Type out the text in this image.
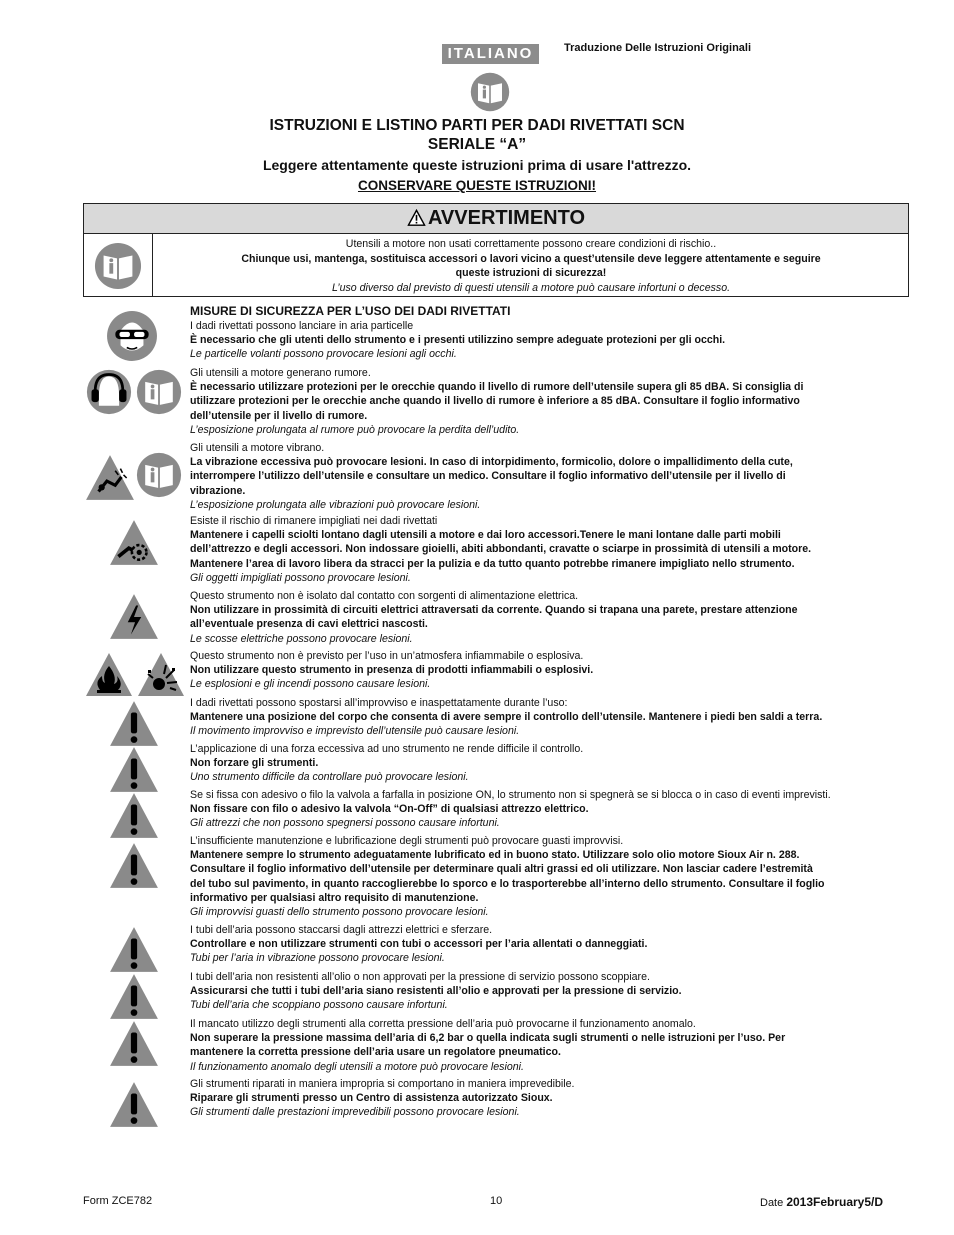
ITALIANO	Traduzione Delle Istruzioni Originali
ISTRUZIONI E LISTINO PARTI PER DADI RIVETTATI SCN
SERIALE “A”
Leggere attentamente queste istruzioni prima di usare l'attrezzo.
CONSERVARE QUESTE ISTRUZIONI!
AVVERTIMENTO
Utensili a motore non usati correttamente possono creare condizioni di rischio..
Chiunque usi, mantenga, sostituisca accessori o lavori vicino a quest’utensile deve leggere attentamente e seguire
queste istruzioni di sicurezza!
L’uso diverso dal previsto di questi utensili a motore può causare infortuni o decesso.
MISURE DI SICUREZZA PER L’USO DEI DADI RIVETTATI
I dadi rivettati possono lanciare in aria particelle
È necessario che gli utenti dello strumento e i presenti utilizzino sempre adeguate protezioni per gli occhi.
Le particelle volanti possono provocare lesioni agli occhi.
Gli utensili a motore generano rumore.
È necessario utilizzare protezioni per le orecchie quando il livello di rumore dell’utensile supera gli 85 dBA. Si consiglia di
utilizzare protezioni per le orecchie anche quando il livello di rumore è inferiore a 85 dBA. Consultare il foglio informativo
dell’utensile per il livello di rumore.
L’esposizione prolungata al rumore può provocare la perdita dell’udito.
Gli utensili a motore vibrano.
La vibrazione eccessiva può provocare lesioni. In caso di intorpidimento, formicolio, dolore o impallidimento della cute,
interrompere l’utilizzo dell’utensile e consultare un medico. Consultare il foglio informativo dell’utensile per il livello di
vibrazione.
L’esposizione prolungata alle vibrazioni può provocare lesioni.
Esiste il rischio di rimanere impigliati nei dadi rivettati
Mantenere i capelli sciolti lontano dagli utensili a motore e dai loro accessori.Tenere le mani lontane dalle parti mobili
dell’attrezzo e degli accessori. Non indossare gioielli, abiti abbondanti, cravatte o sciarpe in prossimità di utensili a motore.
Mantenere l’area di lavoro libera da stracci per la pulizia e da tutto quanto potrebbe rimanere impigliato nello strumento.
Gli oggetti impigliati possono provocare lesioni.
Questo strumento non è isolato dal contatto con sorgenti di alimentazione elettrica.
Non utilizzare in prossimità di circuiti elettrici attraversati da corrente. Quando si trapana una parete, prestare attenzione
all’eventuale presenza di cavi elettrici nascosti.
Le scosse elettriche possono provocare lesioni.
Questo strumento non è previsto per l’uso in un’atmosfera infiammabile o esplosiva.
Non utilizzare questo strumento in presenza di prodotti infiammabili o esplosivi.
Le esplosioni e gli incendi possono causare lesioni.
I dadi rivettati possono spostarsi all’improvviso e inaspettatamente durante l’uso:
Mantenere una posizione del corpo che consenta di avere sempre il controllo dell’utensile. Mantenere i piedi ben saldi a terra.
Il movimento improvviso e imprevisto dell’utensile può causare lesioni.
L’applicazione di una forza eccessiva ad uno strumento ne rende difficile il controllo.
Non forzare gli strumenti.
Uno strumento difficile da controllare può provocare lesioni.
Se si fissa con adesivo o filo la valvola a farfalla in posizione ON, lo strumento non si spegnerà se si blocca o in caso di eventi imprevisti.
Non fissare con filo o adesivo la valvola “On-Off” di qualsiasi attrezzo elettrico.
Gli attrezzi che non possono spegnersi possono causare infortuni.
L’insufficiente manutenzione e lubrificazione degli strumenti può provocare guasti improvvisi.
Mantenere sempre lo strumento adeguatamente lubrificato ed in buono stato. Utilizzare solo olio motore Sioux Air n. 288.
Consultare il foglio informativo dell’utensile per determinare quali altri grassi ed oli utilizzare. Non lasciar cadere l’estremità
del tubo sul pavimento, in quanto raccoglierebbe lo sporco e lo trasporterebbe all’interno dello strumento. Consultare il foglio
informativo per qualsiasi altro requisito di manutenzione.
Gli improvvisi guasti dello strumento possono provocare lesioni.
I tubi dell’aria possono staccarsi dagli attrezzi elettrici e sferzare.
Controllare e non utilizzare strumenti con tubi o accessori per l’aria allentati o danneggiati.
Tubi per l’aria in vibrazione possono provocare lesioni.
I tubi dell’aria non resistenti all’olio o non approvati per la pressione di servizio possono scoppiare.
Assicurarsi che tutti i tubi dell’aria siano resistenti all’olio e approvati per la pressione di servizio.
Tubi dell’aria che scoppiano possono causare infortuni.
Il mancato utilizzo degli strumenti alla corretta pressione dell’aria può provocarne il funzionamento anomalo.
Non superare la pressione massima dell’aria di 6,2 bar o quella indicata sugli strumenti o nelle istruzioni per l’uso. Per
mantenere la corretta pressione dell’aria usare un regolatore pneumatico.
Il funzionamento anomalo degli utensili a motore può provocare lesioni.
Gli strumenti riparati in maniera impropria si comportano in maniera imprevedibile.
Riparare gli strumenti presso un Centro di assistenza autorizzato Sioux.
Gli strumenti dalle prestazioni imprevedibili possono provocare lesioni.
Form ZCE782	10	Date 2013February5/D
